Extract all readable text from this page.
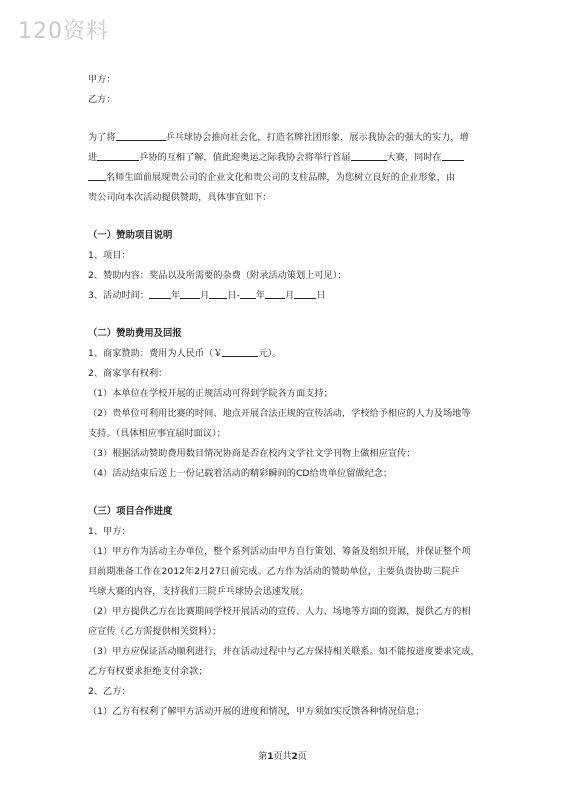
120资料
甲方：
乙方：
为了将	乒乓球协会推向社会化，打造名牌社团形象，展示我协会的强大的实力，增
进	乒协的互相了解，值此迎奥运之际我协会将举行首届	大赛，同时在
名师生面前展现贵公司的企业文化和贵公司的支柱品牌，为您树立良好的企业形象，由
贵公司向本次活动提供赞助，具体事宜如下：
（一）赞助项目说明
1、项目：
2、赞助内容：奖品以及所需要的杂费（附录活动策划上可见）；
3、活动时间： 年 月 日- 年 月 日
（二）赞助费用及回报
1、商家赞助：费用为人民币（￥	元）。
2、商家享有权利：
（1）本单位在学校开展的正规活动可得到学院各方面支持；
（2）贵单位可利用比赛的时间、地点开展合法正规的宣传活动，学校给予相应的人力及场地等
支持。（具体相应事宜届时面议）；
（3）根据活动赞助费用数目情况协商是否在校内文学社文学刊物上做相应宣传；
（4）活动结束后送上一份记载着活动的精彩瞬间的CD给贵单位留做纪念；
（三）项目合作进度
1、甲方：
（1）甲方作为活动主办单位，整个系列活动由甲方自行策划、筹备及组织开展，并保证整个项
目前期准备工作在2012年2月27日前完成。乙方作为活动的赞助单位，主要负责协助三院乒
乓球大赛的内容，支持我们三院乒乓球协会迅速发展；
（2）甲方提供乙方在比赛期间学校开展活动的宣传、人力、场地等方面的资源，提供乙方的相
应宣传（乙方需提供相关资料）；
（3）甲方应保证活动顺利进行，并在活动过程中与乙方保持相关联系。如不能按进度要求完成，
乙方有权要求拒绝支付余款；
2、乙方：
（1）乙方有权利了解甲方活动开展的进度和情况，甲方须如实反馈各种情况信息；
第1页共2页
